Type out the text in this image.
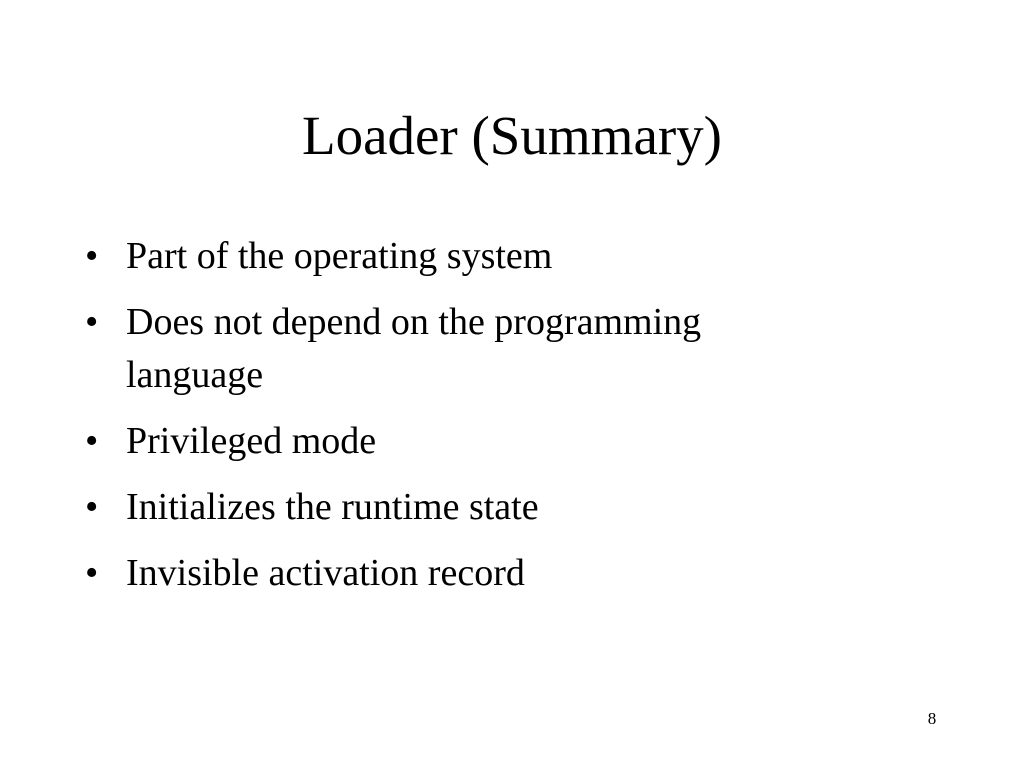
Loader (Summary)
• Part of the operating system
• Does not depend on the programming language
• Privileged mode
• Initializes the runtime state
• Invisible activation record
8
